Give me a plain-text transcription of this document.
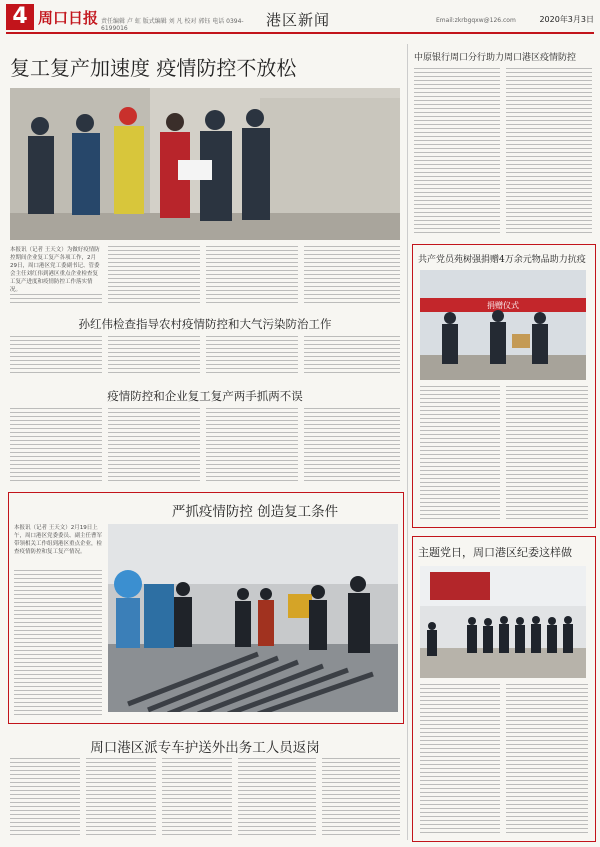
4 周口日报 责任编辑 卢 虹 版式编辑 刘 凡 校对 郭钰 电话 0394-6199016	港区新闻	Email:zkrbgqxw@126.com	2020年3月3日
复工复产加速度 疫情防控不放松
本报讯（记者 王天文）为做好疫情防控期间企业复工复产各项工作，2月29日，周口港区党工委副书记、管委会主任刘红伟到港区重点企业检查复工复产进度和疫情防控工作落实情况。
孙红伟检查指导农村疫情防控和大气污染防治工作
疫情防控和企业复工复产两手抓两不误
严抓疫情防控 创造复工条件
本报讯（记者 王天文）2月19日上午，周口港区党委委员、副主任曹军带领相关工作组到港区重点企业，检查疫情防控和复工复产情况。
周口港区派专车护送外出务工人员返岗
中原银行周口分行助力周口港区疫情防控
共产党员苑树强捐赠4万余元物品助力抗疫
捐赠仪式
主题党日，周口港区纪委这样做
